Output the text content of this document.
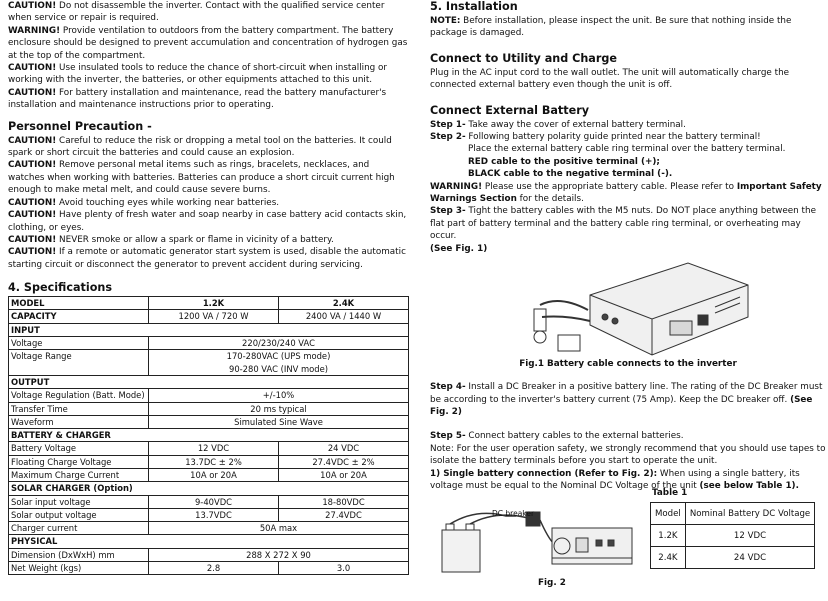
CAUTION! Do not disassemble the inverter. Contact with the qualified service center when service or repair is required.

WARNING! Provide ventilation to outdoors from the battery compartment. The battery enclosure should be designed to prevent accumulation and concentration of hydrogen gas at the top of the compartment.

CAUTION! Use insulated tools to reduce the chance of short-circuit when installing or working with the inverter, the batteries, or other equipments attached to this unit.

CAUTION! For battery installation and maintenance, read the battery manufacturer's installation and maintenance instructions prior to operating.

Personnel Precaution -

CAUTION! Careful to reduce the risk or dropping a metal tool on the batteries. It could spark or short circuit the batteries and could cause an explosion.

CAUTION! Remove personal metal items such as rings, bracelets, necklaces, and watches when working with batteries. Batteries can produce a short circuit current high enough to make metal melt, and could cause severe burns.

CAUTION! Avoid touching eyes while working near batteries.

CAUTION! Have plenty of fresh water and soap nearby in case battery acid contacts skin, clothing, or eyes.

CAUTION! NEVER smoke or allow a spark or flame in vicinity of a battery.

CAUTION! If a remote or automatic generator start system is used, disable the automatic starting circuit or disconnect the generator to prevent accident during servicing.

4. Specifications
MODEL	1.2K	2.4K
CAPACITY	1200 VA / 720 W	2400 VA / 1440 W
INPUT		
Voltage	220/230/240 VAC	
Voltage Range	170-280VAC (UPS mode)	
	90-280 VAC (INV mode)	
OUTPUT		
Voltage Regulation (Batt. Mode)	+/-10%	
Transfer Time	20 ms typical	
Waveform	Simulated Sine Wave	
BATTERY & CHARGER		
Battery Voltage	12 VDC	24 VDC
Floating Charge Voltage	13.7DC ± 2%	27.4VDC ± 2%
Maximum Charge Current	10A or 20A	10A or 20A
SOLAR CHARGER (Option)		
Solar input voltage	9-40VDC	18-80VDC
Solar output voltage	13.7VDC	27.4VDC
Charger current	50A max	
PHYSICAL		
Dimension (DxWxH) mm	288 X 272 X 90	
Net Weight (kgs)	2.8	3.0
5. Installation

NOTE: Before installation, please inspect the unit. Be sure that nothing inside the package is damaged.

Connect to Utility and Charge

Plug in the AC input cord to the wall outlet. The unit will automatically charge the connected external battery even though the unit is off.

Connect External Battery

Step 1- Take away the cover of external battery terminal.

Step 2- Following battery polarity guide printed near the battery terminal!

Place the external battery cable ring terminal over the battery terminal.

RED cable to the positive terminal (+);

BLACK cable to the negative terminal (-).

WARNING! Please use the appropriate battery cable. Please refer to Important Safety Warnings Section for the details.

Step 3- Tight the battery cables with the M5 nuts. Do NOT place anything between the flat part of battery terminal and the battery cable ring terminal, or overheating may occur.

(See Fig. 1)

Fig.1 Battery cable connects to the inverter

Step 4- Install a DC Breaker in a positive battery line. The rating of the DC Breaker must be according to the inverter's battery current (75 Amp). Keep the DC breaker off. (See Fig. 2)

Step 5- Connect battery cables to the external batteries.

Note: For the user operation safety, we strongly recommend that you should use tapes to isolate the battery terminals before you start to operate the unit.

1) Single battery connection (Refer to Fig. 2): When using a single battery, its voltage must be equal to the Nominal DC Voltage of the unit (see below Table 1).

DC breaker
Fig. 2
Table 1
Model	Nominal Battery DC Voltage
1.2K	12 VDC
2.4K	24 VDC
